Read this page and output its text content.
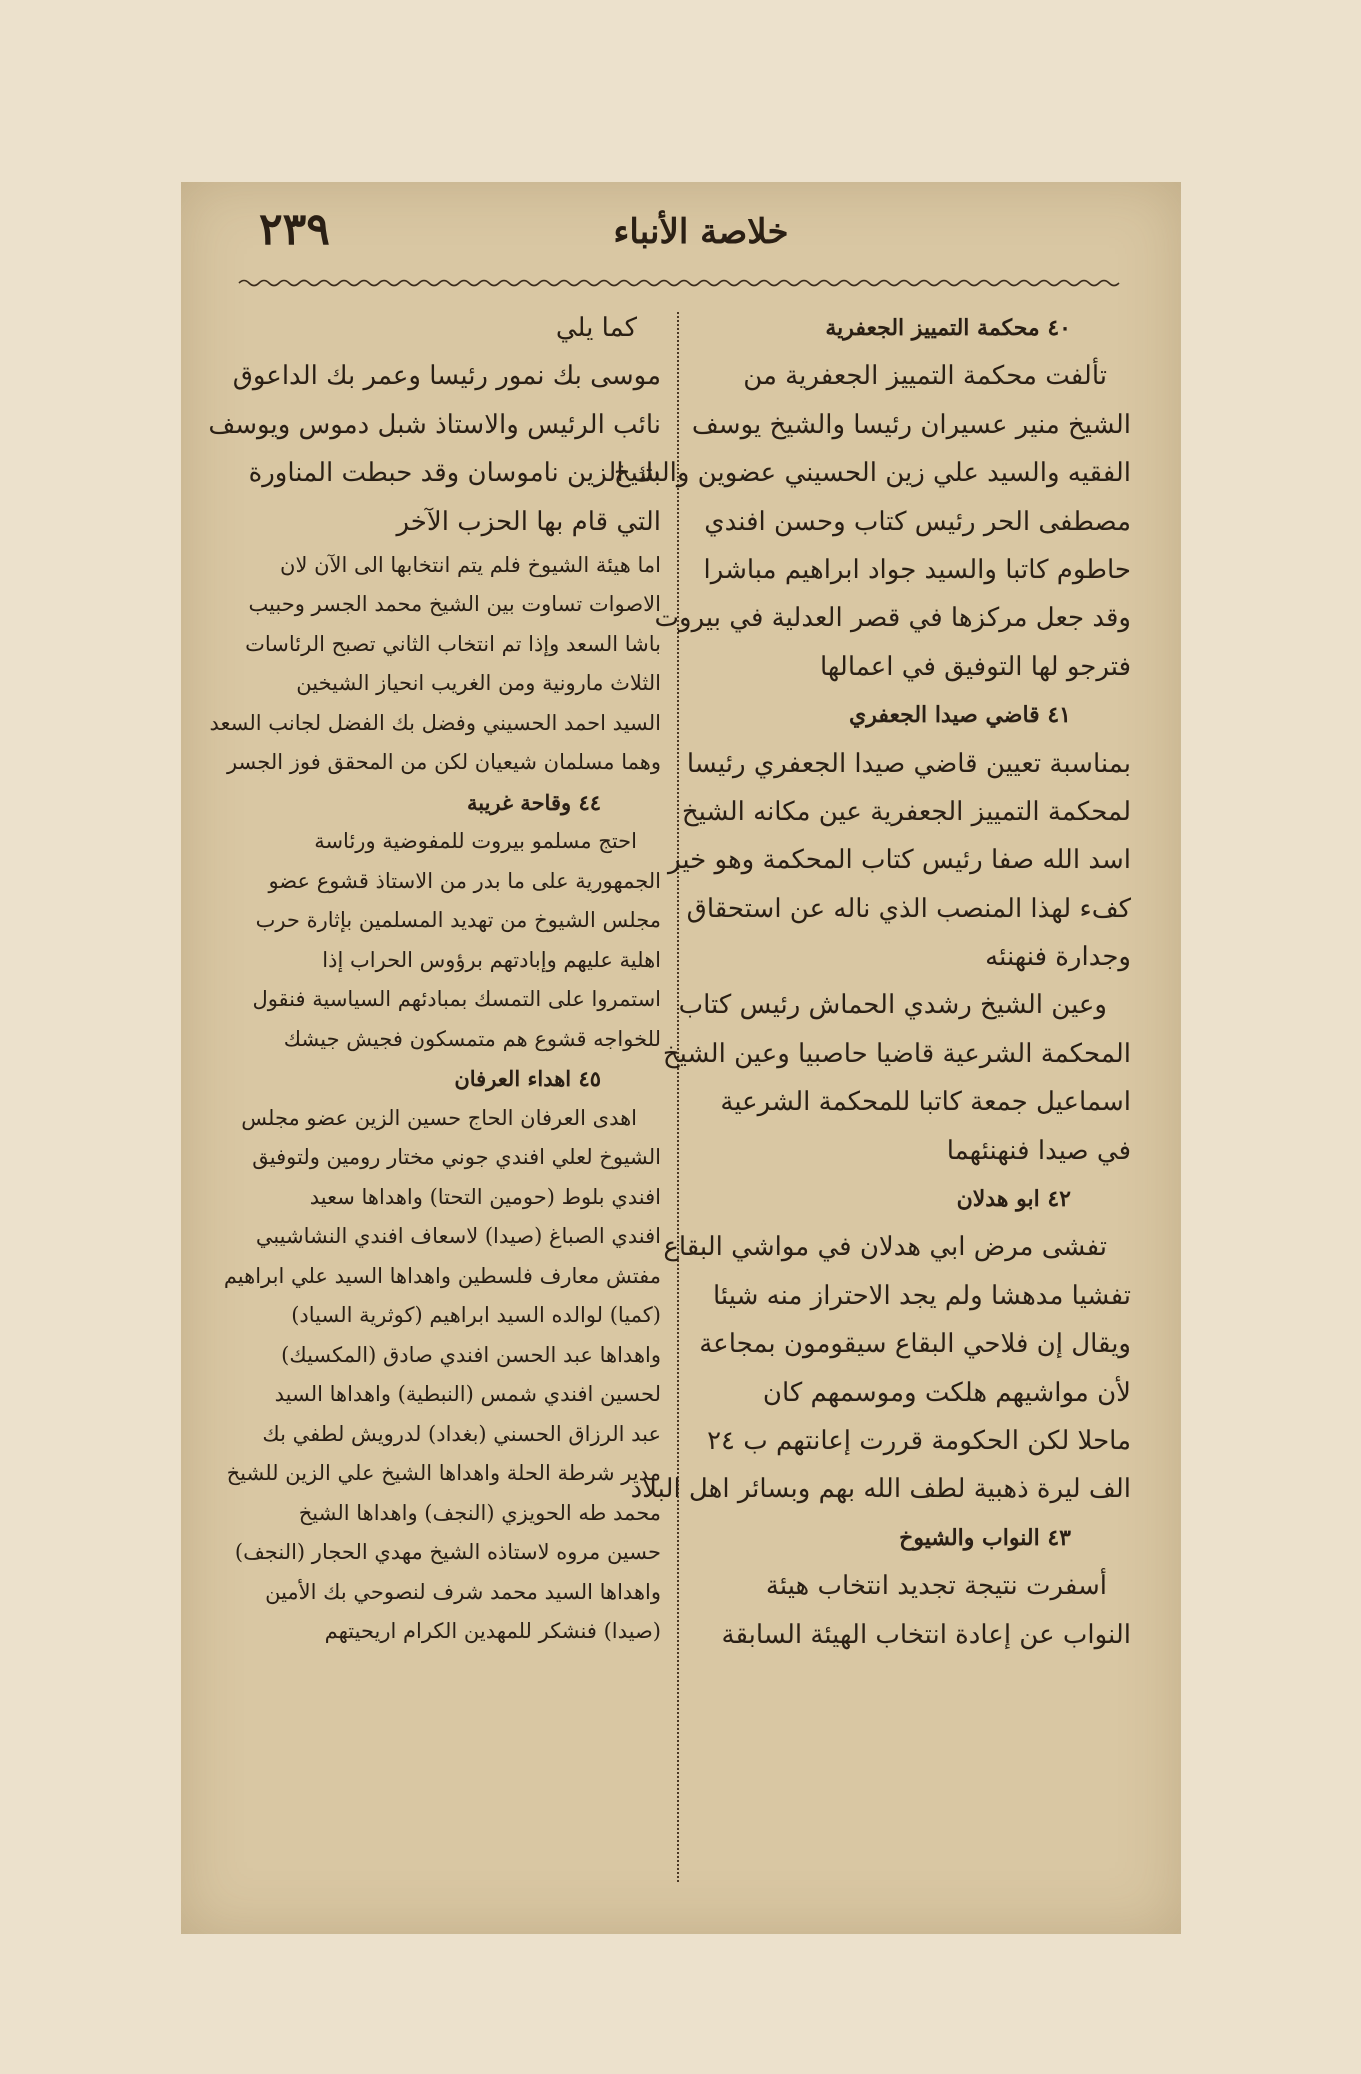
٢٣٩	خلاصة الأنباء
٤٠ محكمة التمييز الجعفرية
تألفت محكمة التمييز الجعفرية من
الشيخ منير عسيران رئيسا والشيخ يوسف
الفقيه والسيد علي زين الحسيني عضوين والشيخ
مصطفى الحر رئيس كتاب وحسن افندي
حاطوم كاتبا والسيد جواد ابراهيم مباشرا
وقد جعل مركزها في قصر العدلية في بيروت
فترجو لها التوفيق في اعمالها
٤١ قاضي صيدا الجعفري
بمناسبة تعيين قاضي صيدا الجعفري رئيسا
لمحكمة التمييز الجعفرية عين مكانه الشيخ
اسد الله صفا رئيس كتاب المحكمة وهو خير
كفء لهذا المنصب الذي ناله عن استحقاق
وجدارة فنهنئه
وعين الشيخ رشدي الحماش رئيس كتاب
المحكمة الشرعية قاضيا حاصبيا وعين الشيخ
اسماعيل جمعة كاتبا للمحكمة الشرعية
في صيدا فنهنئهما
٤٢ ابو هدلان
تفشى مرض ابي هدلان في مواشي البقاع
تفشيا مدهشا ولم يجد الاحتراز منه شيئا
ويقال إن فلاحي البقاع سيقومون بمجاعة
لأن مواشيهم هلكت وموسمهم كان
ماحلا لكن الحكومة قررت إعانتهم ب ٢٤
الف ليرة ذهبية لطف الله بهم وبسائر اهل البلاد
٤٣ النواب والشيوخ
أسفرت نتيجة تجديد انتخاب هيئة
النواب عن إعادة انتخاب الهيئة السابقة
كما يلي
موسى بك نمور رئيسا وعمر بك الداعوق
نائب الرئيس والاستاذ شبل دموس ويوسف
بك الزين ناموسان وقد حبطت المناورة
التي قام بها الحزب الآخر
اما هيئة الشيوخ فلم يتم انتخابها الى الآن لان
الاصوات تساوت بين الشيخ محمد الجسر وحبيب
باشا السعد وإذا تم انتخاب الثاني تصبح الرئاسات
الثلاث مارونية ومن الغريب انحياز الشيخين
السيد احمد الحسيني وفضل بك الفضل لجانب السعد
وهما مسلمان شيعيان لكن من المحقق فوز الجسر
٤٤ وقاحة غريبة
احتج مسلمو بيروت للمفوضية ورئاسة
الجمهورية على ما بدر من الاستاذ قشوع عضو
مجلس الشيوخ من تهديد المسلمين بإثارة حرب
اهلية عليهم وإبادتهم برؤوس الحراب إذا
استمروا على التمسك بمبادئهم السياسية فنقول
للخواجه قشوع هم متمسكون فجيش جيشك
٤٥ اهداء العرفان
اهدى العرفان الحاج حسين الزين عضو مجلس
الشيوخ لعلي افندي جوني مختار رومين ولتوفيق
افندي بلوط (حومين التحتا) واهداها سعيد
افندي الصباغ (صيدا) لاسعاف افندي النشاشيبي
مفتش معارف فلسطين واهداها السيد علي ابراهيم
(كميا) لوالده السيد ابراهيم (كوثرية السياد)
واهداها عبد الحسن افندي صادق (المكسيك)
لحسين افندي شمس (النبطية) واهداها السيد
عبد الرزاق الحسني (بغداد) لدرويش لطفي بك
مدير شرطة الحلة واهداها الشيخ علي الزين للشيخ
محمد طه الحويزي (النجف) واهداها الشيخ
حسين مروه لاستاذه الشيخ مهدي الحجار (النجف)
واهداها السيد محمد شرف لنصوحي بك الأمين
(صيدا) فنشكر للمهدين الكرام اريحيتهم
